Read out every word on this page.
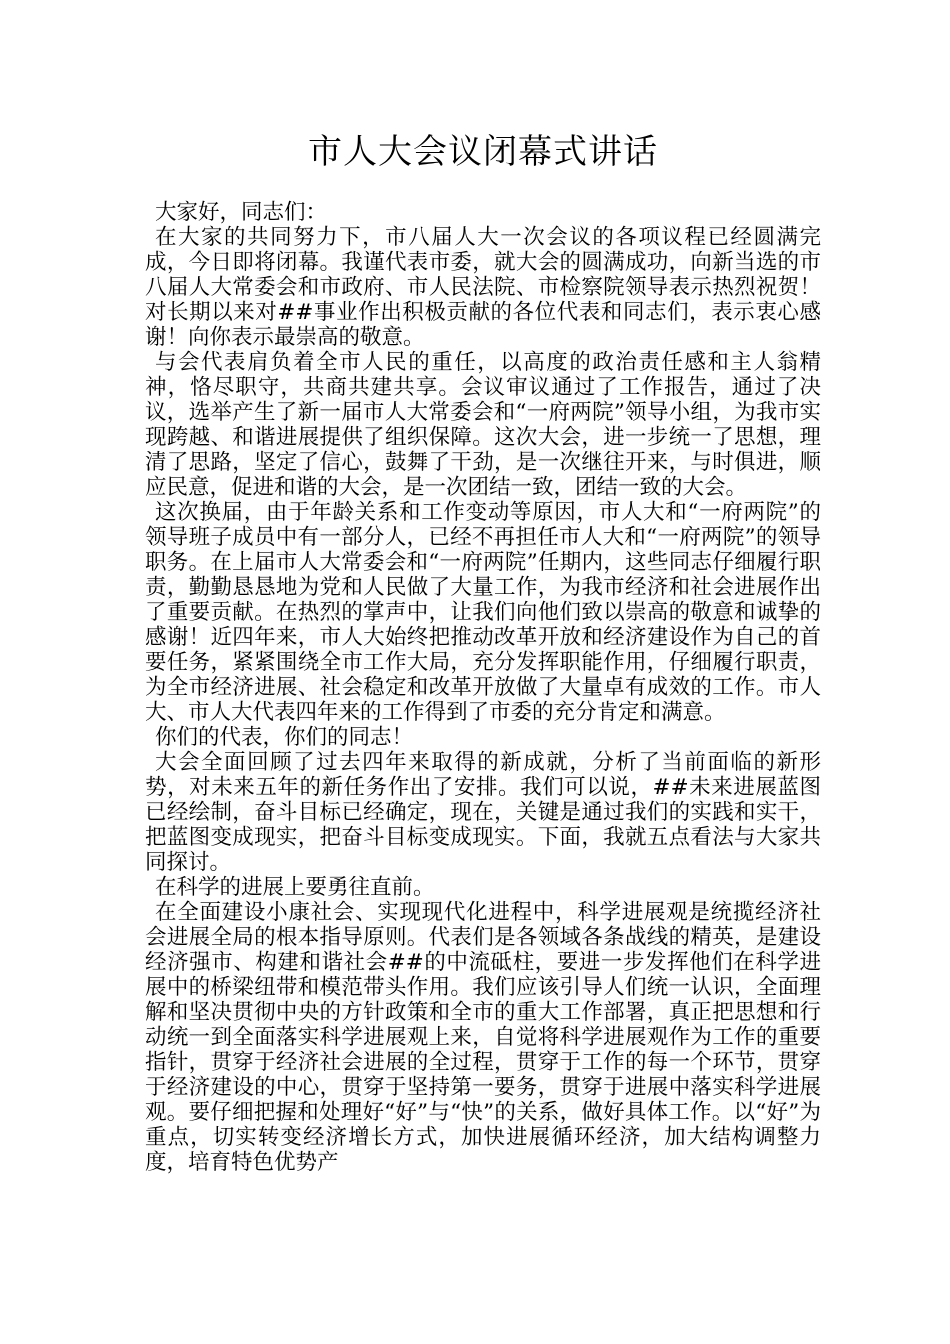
市人大会议闭幕式讲话

大家好，同志们：

在大家的共同努力下，市八届人大一次会议的各项议程已经圆满完成，今日即将闭幕。我谨代表市委，就大会的圆满成功，向新当选的市八届人大常委会和市政府、市人民法院、市检察院领导表示热烈祝贺！对长期以来对##事业作出积极贡献的各位代表和同志们，表示衷心感谢！向你表示最崇高的敬意。

与会代表肩负着全市人民的重任，以高度的政治责任感和主人翁精神，恪尽职守，共商共建共享。会议审议通过了工作报告，通过了决议，选举产生了新一届市人大常委会和“一府两院”领导小组，为我市实现跨越、和谐进展提供了组织保障。这次大会，进一步统一了思想，理清了思路，坚定了信心，鼓舞了干劲，是一次继往开来，与时俱进，顺应民意，促进和谐的大会，是一次团结一致，团结一致的大会。

这次换届，由于年龄关系和工作变动等原因，市人大和“一府两院”的领导班子成员中有一部分人，已经不再担任市人大和“一府两院”的领导职务。在上届市人大常委会和“一府两院”任期内，这些同志仔细履行职责，勤勤恳恳地为党和人民做了大量工作，为我市经济和社会进展作出了重要贡献。在热烈的掌声中，让我们向他们致以崇高的敬意和诚挚的感谢！近四年来，市人大始终把推动改革开放和经济建设作为自己的首要任务，紧紧围绕全市工作大局，充分发挥职能作用，仔细履行职责，为全市经济进展、社会稳定和改革开放做了大量卓有成效的工作。市人大、市人大代表四年来的工作得到了市委的充分肯定和满意。

你们的代表，你们的同志！

大会全面回顾了过去四年来取得的新成就，分析了当前面临的新形势，对未来五年的新任务作出了安排。我们可以说，##未来进展蓝图已经绘制，奋斗目标已经确定，现在，关键是通过我们的实践和实干，把蓝图变成现实，把奋斗目标变成现实。下面，我就五点看法与大家共同探讨。

在科学的进展上要勇往直前。

在全面建设小康社会、实现现代化进程中，科学进展观是统揽经济社会进展全局的根本指导原则。代表们是各领域各条战线的精英，是建设经济强市、构建和谐社会##的中流砥柱，要进一步发挥他们在科学进展中的桥梁纽带和模范带头作用。我们应该引导人们统一认识，全面理解和坚决贯彻中央的方针政策和全市的重大工作部署，真正把思想和行动统一到全面落实科学进展观上来，自觉将科学进展观作为工作的重要指针，贯穿于经济社会进展的全过程，贯穿于工作的每一个环节，贯穿于经济建设的中心，贯穿于坚持第一要务，贯穿于进展中落实科学进展观。要仔细把握和处理好“好”与“快”的关系，做好具体工作。以“好”为重点，切实转变经济增长方式，加快进展循环经济，加大结构调整力度，培育特色优势产
